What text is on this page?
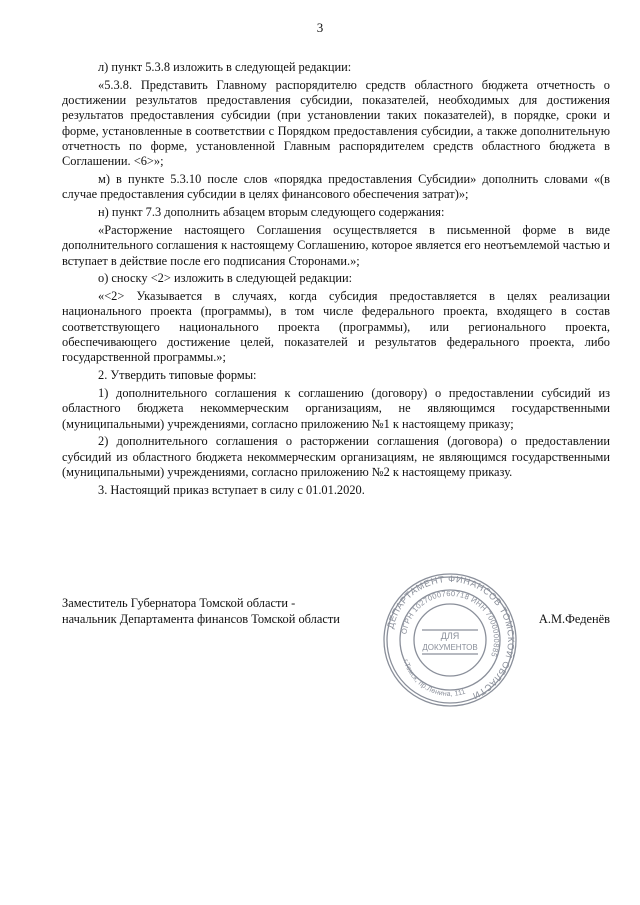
3

л) пункт 5.3.8 изложить в следующей редакции:

«5.3.8. Представить Главному распорядителю средств областного бюджета отчетность о достижении результатов предоставления субсидии, показателей, необходимых для достижения результатов предоставления субсидии (при установлении таких показателей), в порядке, сроки и форме, установленные в соответствии с Порядком предоставления субсидии, а также дополнительную отчетность по форме, установленной Главным распорядителем средств областного бюджета в Соглашении. <6>»;

м) в пункте 5.3.10 после слов «порядка предоставления Субсидии» дополнить словами «(в случае предоставления субсидии в целях финансового обеспечения затрат)»;

н) пункт 7.3 дополнить абзацем вторым следующего содержания:

«Расторжение настоящего Соглашения осуществляется в письменной форме в виде дополнительного соглашения к настоящему Соглашению, которое является его неотъемлемой частью и вступает в действие после его подписания Сторонами.»;

о) сноску <2> изложить в следующей редакции:

«<2> Указывается в случаях, когда субсидия предоставляется в целях реализации национального проекта (программы), в том числе федерального проекта, входящего в состав соответствующего национального проекта (программы), или регионального проекта, обеспечивающего достижение целей, показателей и результатов федерального проекта, либо государственной программы.»;

2. Утвердить типовые формы:

1) дополнительного соглашения к соглашению (договору) о предоставлении субсидий из областного бюджета некоммерческим организациям, не являющимся государственными (муниципальными) учреждениями, согласно приложению №1 к настоящему приказу;

2) дополнительного соглашения о расторжении соглашения (договора) о предоставлении субсидий из областного бюджета некоммерческим организациям, не являющимся государственными (муниципальными) учреждениями, согласно приложению №2 к настоящему приказу.

3. Настоящий приказ вступает в силу с 01.01.2020.

Заместитель Губернатора Томской области -
начальник Департамента финансов Томской области	А.М.Феденёв
ДЕПАРТАМЕНТ ФИНАНСОВ ТОМСКОЙ ОБЛАСТИ
ОГРН 1027000760718 ИНН 7000000885
г.Томск, пр.Ленина, 111
ДЛЯ
ДОКУМЕНТОВ
